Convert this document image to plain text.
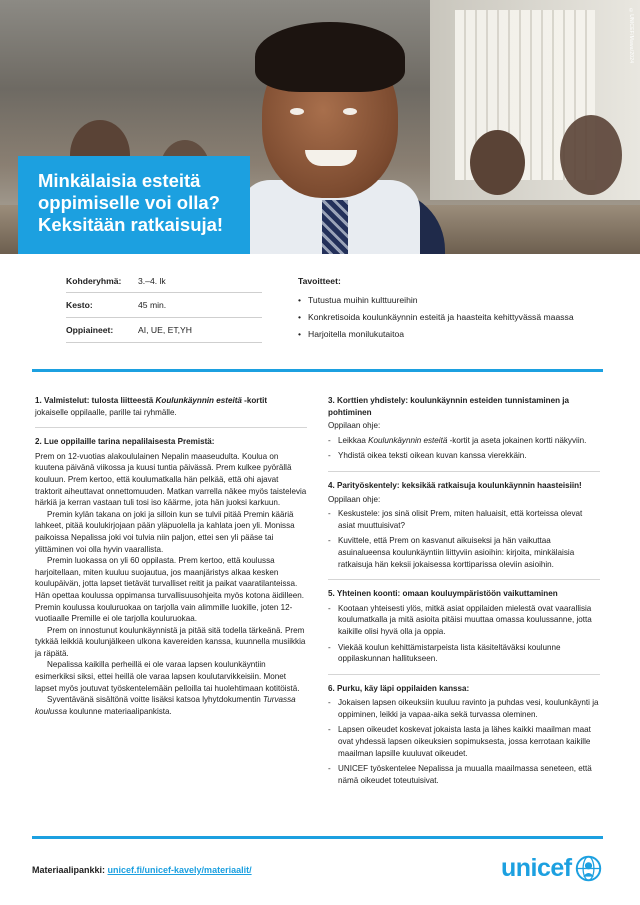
©UNICEF/Mawa/2024
Minkälaisia esteitä
oppimiselle voi olla?
Keksitään ratkaisuja!
Kohderyhmä:	3.–4. lk
Kesto:	45 min.
Oppiaineet:	AI, UE, ET,YH
Tavoitteet:
• Tutustua muihin kulttuureihin
• Konkretisoida koulunkäynnin esteitä ja haasteita kehittyvässä maassa
• Harjoitella monilukutaitoa

1. Valmistelut: tulosta liitteestä Koulunkäynnin esteitä -kortit

jokaiselle oppilaalle, parille tai ryhmälle.

2. Lue oppilaille tarina nepalilaisesta Premistä:

Prem on 12-vuotias alakoululainen Nepalin maaseudulta. Koulua on kuutena päivänä viikossa ja kuusi tuntia päivässä. Prem kulkee pyörällä kouluun. Prem kertoo, että koulumatkalla hän pelkää, että ohi ajavat traktorit aiheuttavat onnettomuuden. Matkan varrella näkee myös taistelevia härkiä ja kerran vastaan tuli tosi iso käärme, jota hän juoksi karkuun.

Premin kylän takana on joki ja silloin kun se tulvii pitää Premin kääriä lahkeet, pitää koulukirjojaan pään yläpuolella ja kahlata joen yli. Monissa paikoissa Nepalissa joki voi tulvia niin paljon, ettei sen yli pääse tai ylittäminen voi olla hyvin vaarallista.

Premin luokassa on yli 60 oppilasta. Prem kertoo, että koulussa harjoitellaan, miten kuuluu suojautua, jos maanjäristys alkaa kesken koulupäivän, jotta lapset tietävät turvalliset reitit ja paikat vaaratilanteissa. Hän opettaa koulussa oppimansa turvallisuusohjeita myös kotona äidilleen. Premin koulussa kouluruokaa on tarjolla vain alimmille luokille, joten 12-vuotiaalle Premille ei ole tarjolla kouluruokaa.

Prem on innostunut koulunkäynnistä ja pitää sitä todella tärkeänä. Prem tykkää leikkiä koulunjälkeen ulkona kavereiden kanssa, kuunnella musiikkia ja räpätä.

Nepalissa kaikilla perheillä ei ole varaa lapsen koulunkäyntiin esimerkiksi siksi, ettei heillä ole varaa lapsen koulutarvikkeisiin. Monet lapset myös joutuvat työskentelemään pelloilla tai huolehtimaan kotitöistä.

Syventävänä sisältönä voitte lisäksi katsoa lyhytdokumentin Turvassa koulussa koulunne materiaalipankista.

3. Korttien yhdistely: koulunkäynnin esteiden tunnistaminen ja pohtiminen

Oppilaan ohje:

- Leikkaa Koulunkäynnin esteitä -kortit ja aseta jokainen kortti näkyviin.
- Yhdistä oikea teksti oikean kuvan kanssa vierekkäin.

4. Parityöskentely: keksikää ratkaisuja koulunkäynnin haasteisiin!

Oppilaan ohje:

- Keskustele: jos sinä olisit Prem, miten haluaisit, että korteissa olevat asiat muuttuisivat?
- Kuvittele, että Prem on kasvanut aikuiseksi ja hän vaikuttaa asuinalueensa koulunkäyntiin liittyviin asioihin: kirjoita, minkälaisia ratkaisuja hän keksii jokaisessa korttiparissa oleviin asioihin.

5. Yhteinen koonti: omaan kouluympäristöön vaikuttaminen

- Kootaan yhteisesti ylös, mitkä asiat oppilaiden mielestä ovat vaarallisia koulumatkalla ja mitä asioita pitäisi muuttaa omassa koulussanne, jotta kaikille olisi hyvä olla ja oppia.
- Viekää koulun kehittämistarpeista lista käsiteltäväksi koulunne oppilaskunnan hallitukseen.

6. Purku, käy läpi oppilaiden kanssa:

- Jokaisen lapsen oikeuksiin kuuluu ravinto ja puhdas vesi, koulunkäynti ja oppiminen, leikki ja vapaa-aika sekä turvassa oleminen.
- Lapsen oikeudet koskevat jokaista lasta ja lähes kaikki maailman maat ovat yhdessä lapsen oikeuksien sopimuksesta, jossa kerrotaan kaikille maailman lapsille kuuluvat oikeudet.
- UNICEF työskentelee Nepalissa ja muualla maailmassa seneteen, että nämä oikeudet toteutuisivat.
Materiaalipankki: unicef.fi/unicef-kavely/materiaalit/	unicef
